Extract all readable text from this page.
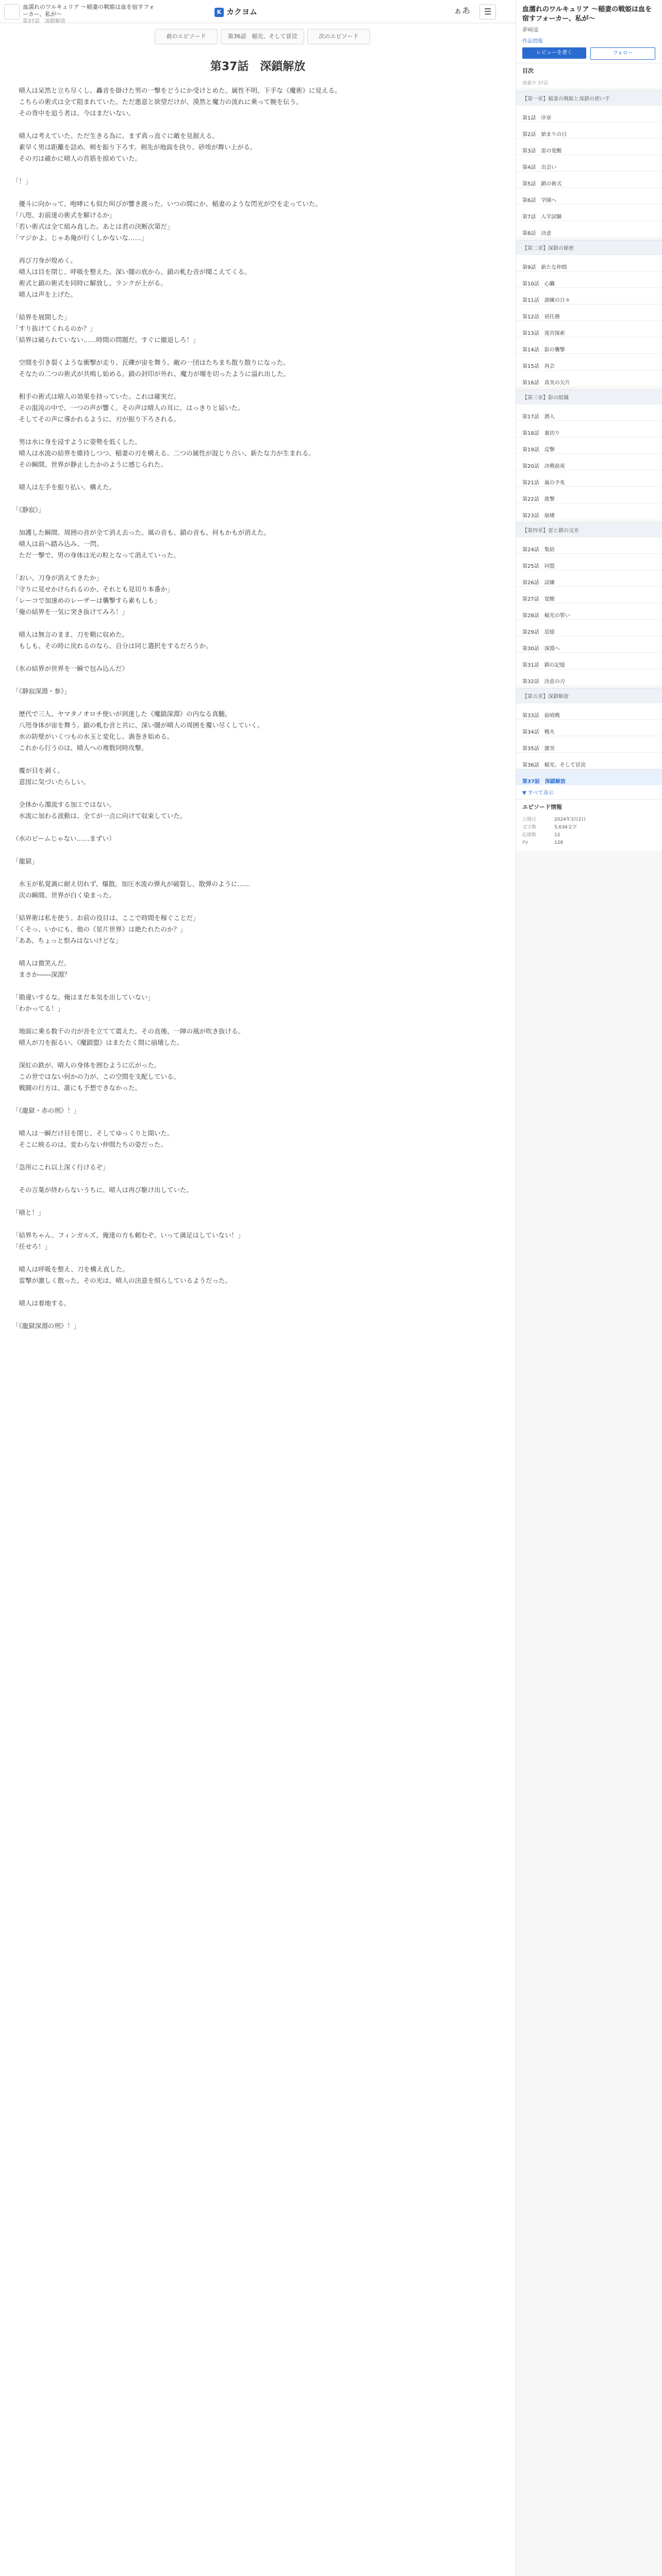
血濡れのワルキュリア ～稲妻の戦姫は血を宿すフォーカー、私が～
第37話　深鎖解放
K カクヨム	ぁあ	☰
前のエピソード	第36話　稲光、そして冒涜	次のエピソード
第37話　深鎖解放

　晴人は呆然と立ち尽くし、轟音を掛けた男の一撃をどうにか受けとめた。属性不明、下手な《魔術》に見える。

　こちらの術式は全て阻まれていた。ただ悪意と欲望だけが、漠然と魔力の流れに乗って腕を伝う。

　その背中を追う者は、今はまだいない。

　晴人は考えていた。ただ生きる為に、まず真っ直ぐに敵を見据える。

　素早く男は距離を詰め、剣を振り下ろす。剣先が地面を抉り、砂埃が舞い上がる。

　その刃は確かに晴人の首筋を掠めていた。

「！」

　優斗に向かって、咆哮にも似た叫びが響き渡った。いつの間にか、稲妻のような閃光が空を走っていた。

「八咫、お前達の術式を解けるか」

「若い術式は全て組み直した。あとは君の決断次第だ」

「マジかよ。じゃあ俺が行くしかないな……」

　再び刀身が煌めく。

　晴人は目を閉じ、呼吸を整えた。深い闇の底から、鎖の軋む音が聞こえてくる。

　術式と鎖の術式を同時に解放し、ランクが上がる。

　晴人は声を上げた。

「結界を展開した」

「すり抜けてくれるのか？」

「結界は破られていない……時間の問題だ。すぐに撤退しろ！」

　空間を引き裂くような衝撃が走り、瓦礫が宙を舞う。敵の一団はたちまち散り散りになった。

　そなたの二つの術式が共鳴し始める。鎖の封印が外れ、魔力が堰を切ったように溢れ出した。

　相手の術式は晴人の効果を持っていた。これは確実だ。

　その混沌の中で、一つの声が響く。その声は晴人の耳に、はっきりと届いた。

　そしてその声に導かれるように、刃が振り下ろされる。

　男は水に身を浸すように姿勢を低くした。

　晴人は水流の結界を維持しつつ、稲妻の刃を構える。二つの属性が混じり合い、新たな力が生まれる。

　その瞬間、世界が静止したかのように感じられた。

　晴人は左手を振り払い、構えた。

「《静寂》」

　加護した瞬間、周囲の音が全て消え去った。風の音も、鎖の音も、何もかもが消えた。

　晴人は前へ踏み込み、一閃。

　ただ一撃で、男の身体は光の粒となって消えていった。

「おい、刀身が消えてきたか」

「守りに見せかけられるのか、それとも見切り本番か」

「レーコで加速めのレーザーは襲撃すら素もしも」

「俺の結界を一気に突き抜けてみろ！」

　晴人は無言のまま、刀を鞘に収めた。

　もしも、その時に戻れるのなら、自分は同じ選択をするだろうか。

（氷の結界が世界を一瞬で包み込んだ）

「《静寂深淵・参》」

　歴代で三人、ヤマタノオロチ使いが到達した《魔鎖深淵》の内なる真髄。

　八咫身体が宙を舞う。鎖の軋む音と共に、深い闇が晴人の周囲を覆い尽くしていく。

　水の防壁がいくつもの水玉と変化し、渦巻き始める。

　これから行うのは、晴人への複数同時攻撃。

　覆が目を剥く。

　意図に気づいたらしい。

　全体から濁流する加工ではない。

　水流に加わる波動は、全てが一点に向けて収束していた。

（水のビームじゃない……まずい）

「龍獄」

　水玉が私覚渦に耐え切れず、爆散。加圧水流の弾丸が破裂し、散弾のように……

　次の瞬間、世界が白く染まった。

「結界術は私を使う。お前の役目は、ここで時間を稼ぐことだ」

「くそっ、いかにも、他の《星片世界》は絶たれたのか？」

「ああ、ちょっと恨みはないけどな」

　晴人は微笑んだ。

　まさか――深淵？

「勘違いするな。俺はまだ本気を出していない」

「わかってる！」

　地面に乗る数千の刃が音を立てて震えた。その直後、一陣の風が吹き抜ける。

　晴人が刀を振るい、《魔鎖盟》はまたたく間に崩壊した。

　深紅の鉄が、晴人の身体を囲むように広がった。

　この世ではない何かの力が、この空間を支配している。

　戦闘の行方は、誰にも予想できなかった。

「《龍獄・赤の刑》！」

　晴人は一瞬だけ目を閉じ、そしてゆっくりと開いた。

　そこに映るのは、変わらない仲間たちの姿だった。

「急所にこれ以上深く行けるぞ」

　その言葉が終わらないうちに、晴人は再び駆け出していた。

「晴と！」

「結界ちゃん、フィンガルズ、俺達の方も頼むぞ。いって満足はしていない！」

「任せろ！」

　晴人は呼吸を整え、刀を構え直した。

　雷撃が激しく散った。その光は、晴人の決意を照らしているようだった。

　晴人は着地する。

「《龍獄深淵の刑》！」

血濡れのワルキュリア ～稲妻の戦姫は血を宿すフォーカー、私が～
夢崎遥
作品情報
レビューを書く	フォロー
目次
連載中 37話
【第一章】稲妻の戦姫と深鎖の使い手
第1話　序章
第2話　始まりの日
第3話　雷の覚醒
第4話　出会い
第5話　鎖の術式
第6話　学園へ
第7話　入学試験
第8話　決意
【第二章】深鎖の秘密
第9話　新たな仲間
第10話　心臓
第11話　訓練の日々
第12話　初任務
第13話　迷宮探索
第14話　影の襲撃
第15話　再会
第16話　真実の欠片
【第三章】影の組織
第17話　潜入
第18話　裏切り
第19話　反撃
第20話　決戦前夜
第21話　嵐の予兆
第22話　進撃
第23話　崩壊
【第四章】雷と鎖の交差
第24話　集結
第25話　同盟
第26話　試練
第27話　覚醒
第28話　稲光の誓い
第29話　追憶
第30話　深淵へ
第31話　鎖の記憶
第32話　決意の刃
【第五章】深鎖解放
第33話　前哨戦
第34話　戦火
第35話　激突
第36話　稲光、そして冒涜
第37話　深鎖解放
▼ すべて表示
エピソード情報
公開日	2024年3月2日
文字数	5,634文字
応援数	12
PV	128
